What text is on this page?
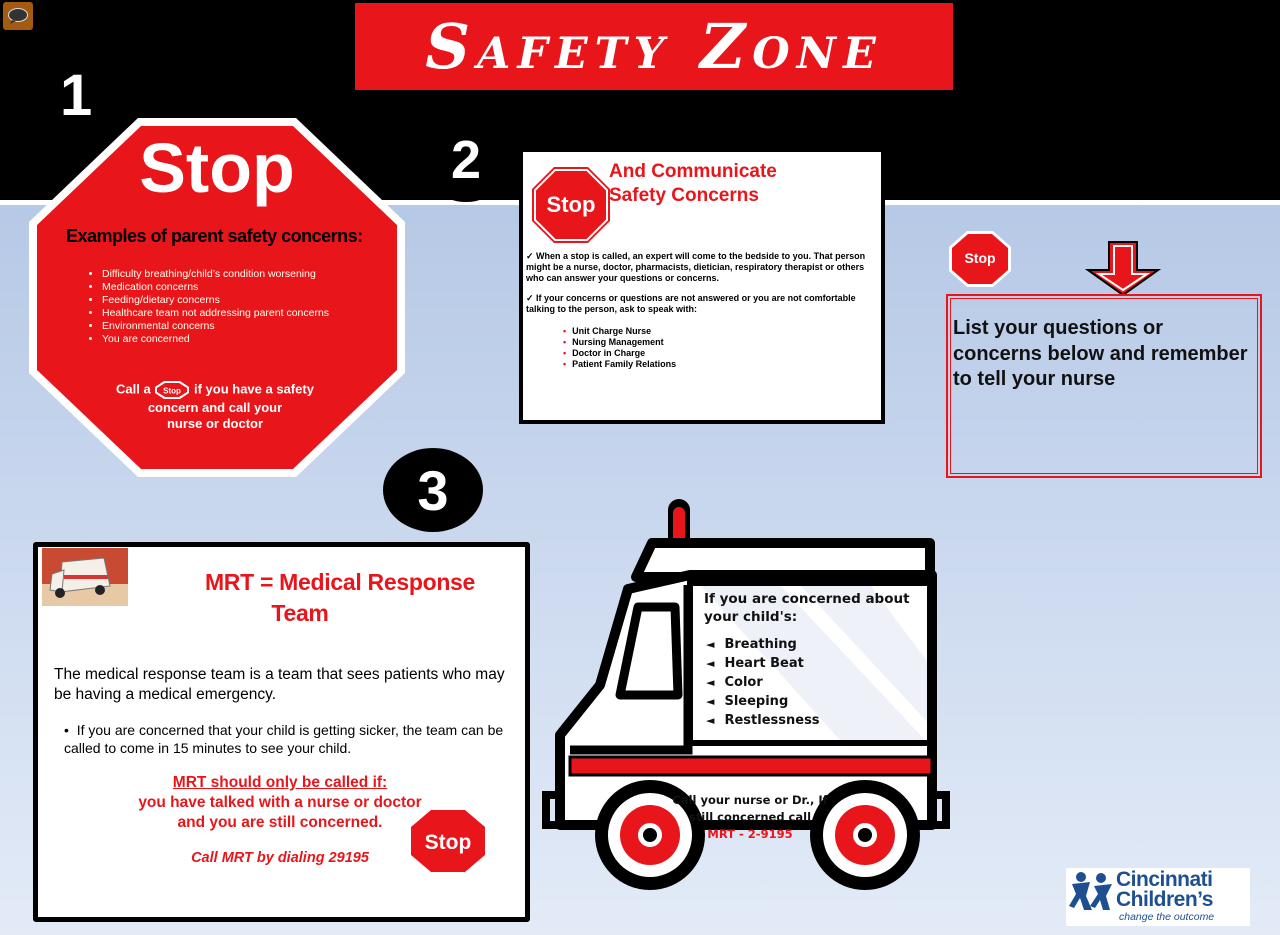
Safety Zone
1
2
Stop
Examples of parent safety concerns:
• Difficulty breathing/child’s condition worsening
• Medication concerns
• Feeding/dietary concerns
• Healthcare team not addressing parent concerns
• Environmental concerns
• You are concerned
Call a Stop if you have a safety
concern and call your
nurse or doctor
Stop
And Communicate
Safety Concerns
✓ When a stop is called, an expert will come to the bedside to you. That person might be a nurse, doctor, pharmacists, dietician, respiratory therapist or others who can answer your questions or concerns.
✓ If your concerns or questions are not answered or you are not comfortable talking to the person, ask to speak with:
• Unit Charge Nurse
• Nursing Management
• Doctor in Charge
• Patient Family Relations
Stop
List your questions or concerns below and remember to tell your nurse
3
MRT = Medical Response
Team
The medical response team is a team that sees patients who may be having a medical emergency.
•  If you are concerned that your child is getting sicker, the team can be called to come in 15 minutes to see your child.
MRT should only be called if:
you have talked with a nurse or doctor
and you are still concerned.
Call MRT by dialing 29195
Stop
If you are concerned about
your child's:
◄ Breathing
◄ Heart Beat
◄ Color
◄ Sleeping
◄ Restlessness
Call your nurse or Dr., If
still concerned call
MRT - 2-9195
Cincinnati
Children’s
change the outcome
